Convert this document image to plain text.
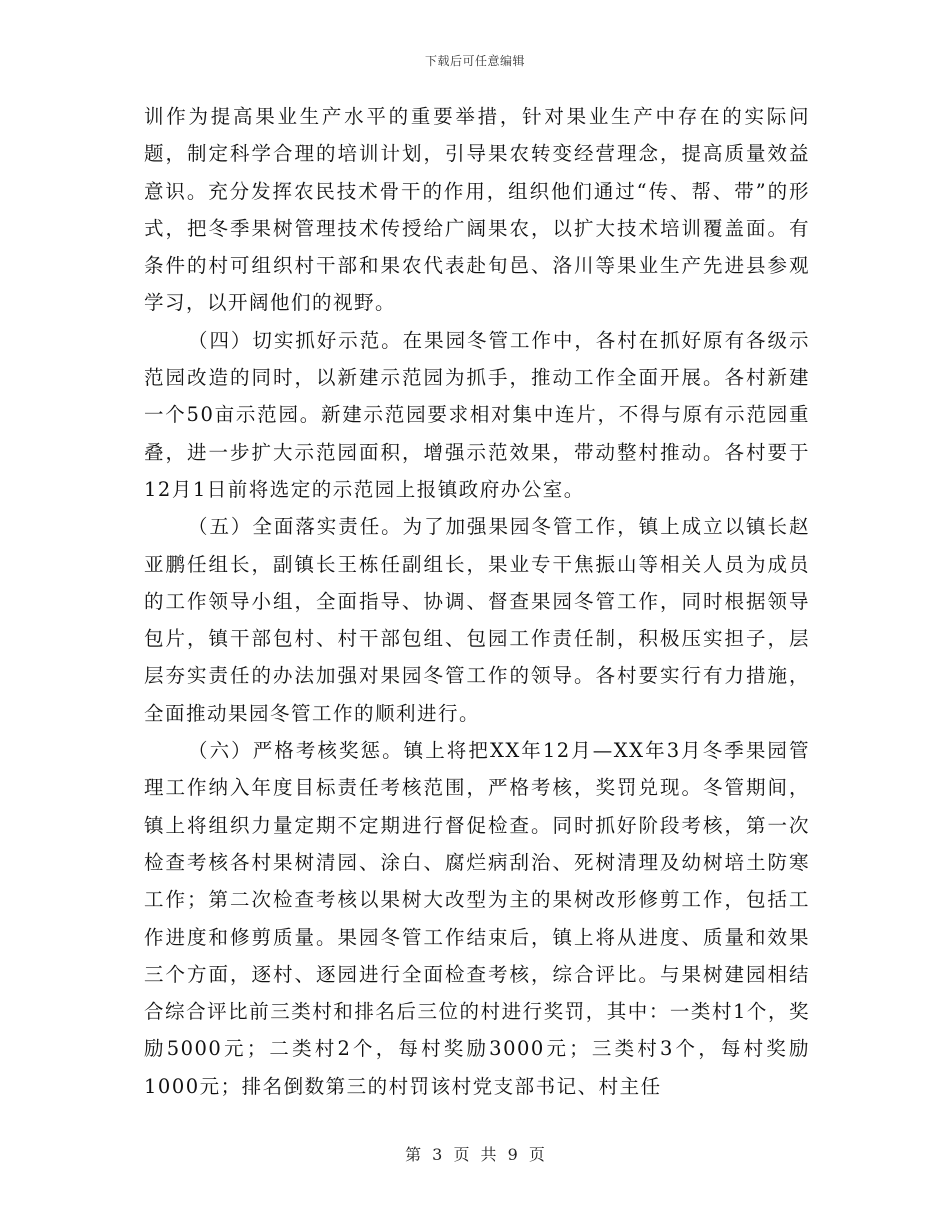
下载后可任意编辑

训作为提高果业生产水平的重要举措，针对果业生产中存在的实际问题，制定科学合理的培训计划，引导果农转变经营理念，提高质量效益意识。充分发挥农民技术骨干的作用，组织他们通过“传、帮、带”的形式，把冬季果树管理技术传授给广阔果农，以扩大技术培训覆盖面。有条件的村可组织村干部和果农代表赴旬邑、洛川等果业生产先进县参观学习，以开阔他们的视野。

（四）切实抓好示范。在果园冬管工作中，各村在抓好原有各级示范园改造的同时，以新建示范园为抓手，推动工作全面开展。各村新建一个50亩示范园。新建示范园要求相对集中连片，不得与原有示范园重叠，进一步扩大示范园面积，增强示范效果，带动整村推动。各村要于12月1日前将选定的示范园上报镇政府办公室。

（五）全面落实责任。为了加强果园冬管工作，镇上成立以镇长赵亚鹏任组长，副镇长王栋任副组长，果业专干焦振山等相关人员为成员的工作领导小组，全面指导、协调、督查果园冬管工作，同时根据领导包片，镇干部包村、村干部包组、包园工作责任制，积极压实担子，层层夯实责任的办法加强对果园冬管工作的领导。各村要实行有力措施，全面推动果园冬管工作的顺利进行。

（六）严格考核奖惩。镇上将把XX年12月—XX年3月冬季果园管理工作纳入年度目标责任考核范围，严格考核，奖罚兑现。冬管期间，镇上将组织力量定期不定期进行督促检查。同时抓好阶段考核，第一次检查考核各村果树清园、涂白、腐烂病刮治、死树清理及幼树培土防寒工作；第二次检查考核以果树大改型为主的果树改形修剪工作，包括工作进度和修剪质量。果园冬管工作结束后，镇上将从进度、质量和效果三个方面，逐村、逐园进行全面检查考核，综合评比。与果树建园相结合综合评比前三类村和排名后三位的村进行奖罚，其中：一类村1个，奖励5000元；二类村2个，每村奖励3000元；三类村3个，每村奖励1000元；排名倒数第三的村罚该村党支部书记、村主任

第 3 页 共 9 页
